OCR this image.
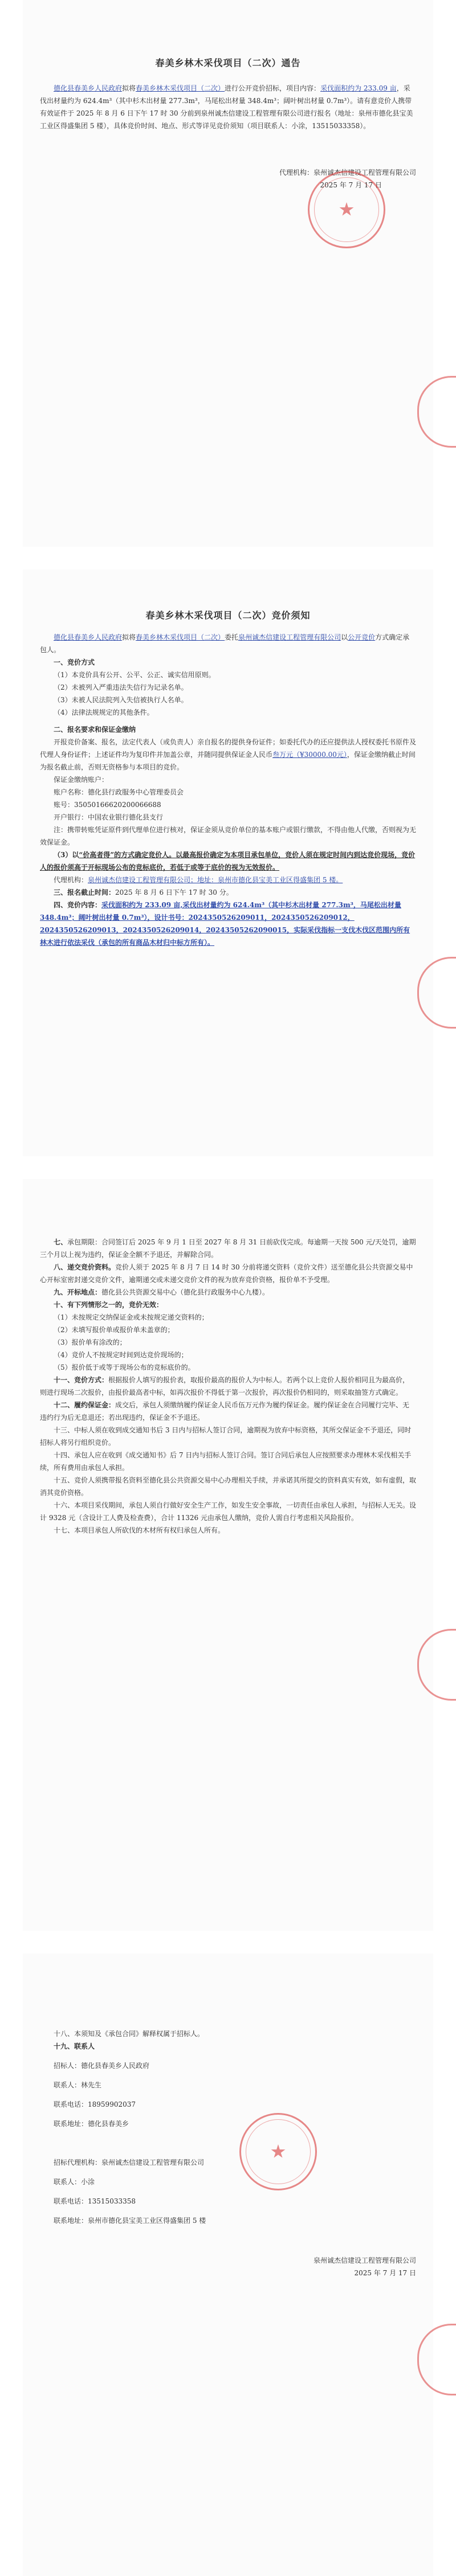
春美乡林木采伐项目（二次）通告

德化县春美乡人民政府拟将春美乡林木采伐项目（二次）进行公开竞价招标，项目内容：采伐面积约为 233.09 亩，采伐出材量约为 624.4m³（其中杉木出材量 277.3m³，马尾松出材量 348.4m³；阔叶树出材量 0.7m³）。请有意竞价人携带有效证件于 2025 年 8 月 6 日下午 17 时 30 分前到泉州诚杰信建设工程管理有限公司进行报名（地址：泉州市德化县宝美工业区得盛集团 5 楼），具体竞价时间、地点、形式等详见竞价须知（项目联系人：小涂，13515033358）。

代理机构：泉州诚杰信建设工程管理有限公司
2025 年 7 月 17 日
春美乡林木采伐项目（二次）竞价须知

德化县春美乡人民政府拟将春美乡林木采伐项目（二次）委托泉州诚杰信建设工程管理有限公司以公开竞价方式确定承包人。

一、竞价方式

（1）本竞价具有公开、公平、公正、诚实信用原则。

（2）未被列入严重违法失信行为记录名单。

（3）未被人民法院列入失信被执行人名单。

（4）法律法规规定的其他条件。

二、报名要求和保证金缴纳

开报竞价备案、报名，法定代表人（或负责人）亲自报名的提供身份证件；如委托代办的还应提供法人授权委托书原件及代理人身份证件；上述证件均为复印件并加盖公章，并随同提供保证金人民币叁万元（¥30000.00元），保证金缴纳截止时间为报名截止前，否则无资格参与本项目的竞价。

保证金缴纳账户：

账户名称：德化县行政服务中心管理委员会

账号：35050166620200066688

开户银行：中国农业银行德化县支行

注：携带转账凭证原件到代理单位进行核对，保证金须从竞价单位的基本账户或银行缴款，不得由他人代缴，否则视为无效保证金。

（3）以“价高者得”的方式确定竞价人。以最高报价确定为本项目承包单位，竞价人须在规定时间内到达竞价现场，竞价人的报价须高于开标现场公布的竞标底价，若低于或等于底价的视为无效报价。

代理机构：泉州诚杰信建设工程管理有限公司；地址：泉州市德化县宝美工业区得盛集团 5 楼。

三、报名截止时间：2025 年 8 月 6 日下午 17 时 30 分。

四、竞价内容：采伐面积约为 233.09 亩,采伐出材量约为 624.4m³（其中杉木出材量 277.3m³，马尾松出材量 348.4m³；阔叶树出材量 0.7m³），设计书号：2024350526209011，2024350526209012，2024350526209013，2024350526209014，20243505262090015，实际采伐指标一支伐木伐区范围内所有林木进行依法采伐（承包的所有商品木材归中标方所有）。

七、承包期限：合同签订后 2025 年 9 月 1 日至 2027 年 8 月 31 日前砍伐完成。每逾期一天按 500 元/天处罚，逾期三个月以上视为违约，保证金全额不予退还，并解除合同。

八、递交竞价资料。竞价人须于 2025 年 8 月 7 日 14 时 30 分前将递交资料（竞价文件）送至德化县公共资源交易中心开标室密封递交竞价文件，逾期递交或未递交竞价文件的视为放弃竞价资格，报价单不予受理。

九、开标地点：德化县公共资源交易中心（德化县行政服务中心九楼）。

十、有下列情形之一的，竞价无效：

（1）未按规定交纳保证金或未按规定递交资料的；

（2）未填写报价单或报价单未盖章的；

（3）报价单有涂改的；

（4）竞价人不按规定时间到达竞价现场的；

（5）报价低于或等于现场公布的竞标底价的。

十一、竞价方式：根据报价人填写的报价表，取报价最高的报价人为中标人。若两个以上竞价人报价相同且为最高价，则进行现场二次报价，由报价最高者中标，如再次报价不得低于第一次报价，再次报价仍相同的，则采取抽签方式确定。

十二、履约保证金：成交后，承包人须缴纳履约保证金人民币伍万元作为履约保证金。履约保证金在合同履行完毕、无违约行为后无息退还；若出现违约，保证金不予退还。

十三、中标人须在收到成交通知书后 3 日内与招标人签订合同，逾期视为放弃中标资格，其所交保证金不予退还，同时招标人将另行组织竞价。

十四、承包人应在收到《成交通知书》后 7 日内与招标人签订合同。签订合同后承包人应按照要求办理林木采伐相关手续，所有费用由承包人承担。

十五、竞价人须携带报名资料至德化县公共资源交易中心办理相关手续，并承诺其所提交的资料真实有效，如有虚假，取消其竞价资格。

十六、本项目采伐期间，承包人须自行做好安全生产工作，如发生安全事故，一切责任由承包人承担，与招标人无关。设计 9328 元（含设计工人费及检查费），合计 11326 元由承包人缴纳，竞价人需自行考虑相关风险报价。

十七、本项目承包人所砍伐的木材所有权归承包人所有。

十八、本须知及《承包合同》解释权属于招标人。

十九、联系人

招标人：德化县春美乡人民政府

联系人：林先生

联系电话：18959902037

联系地址：德化县春美乡

招标代理机构：泉州诚杰信建设工程管理有限公司

联系人：小涂

联系电话：13515033358

联系地址：泉州市德化县宝美工业区得盛集团 5 楼

泉州诚杰信建设工程管理有限公司
2025 年 7 月 17 日
